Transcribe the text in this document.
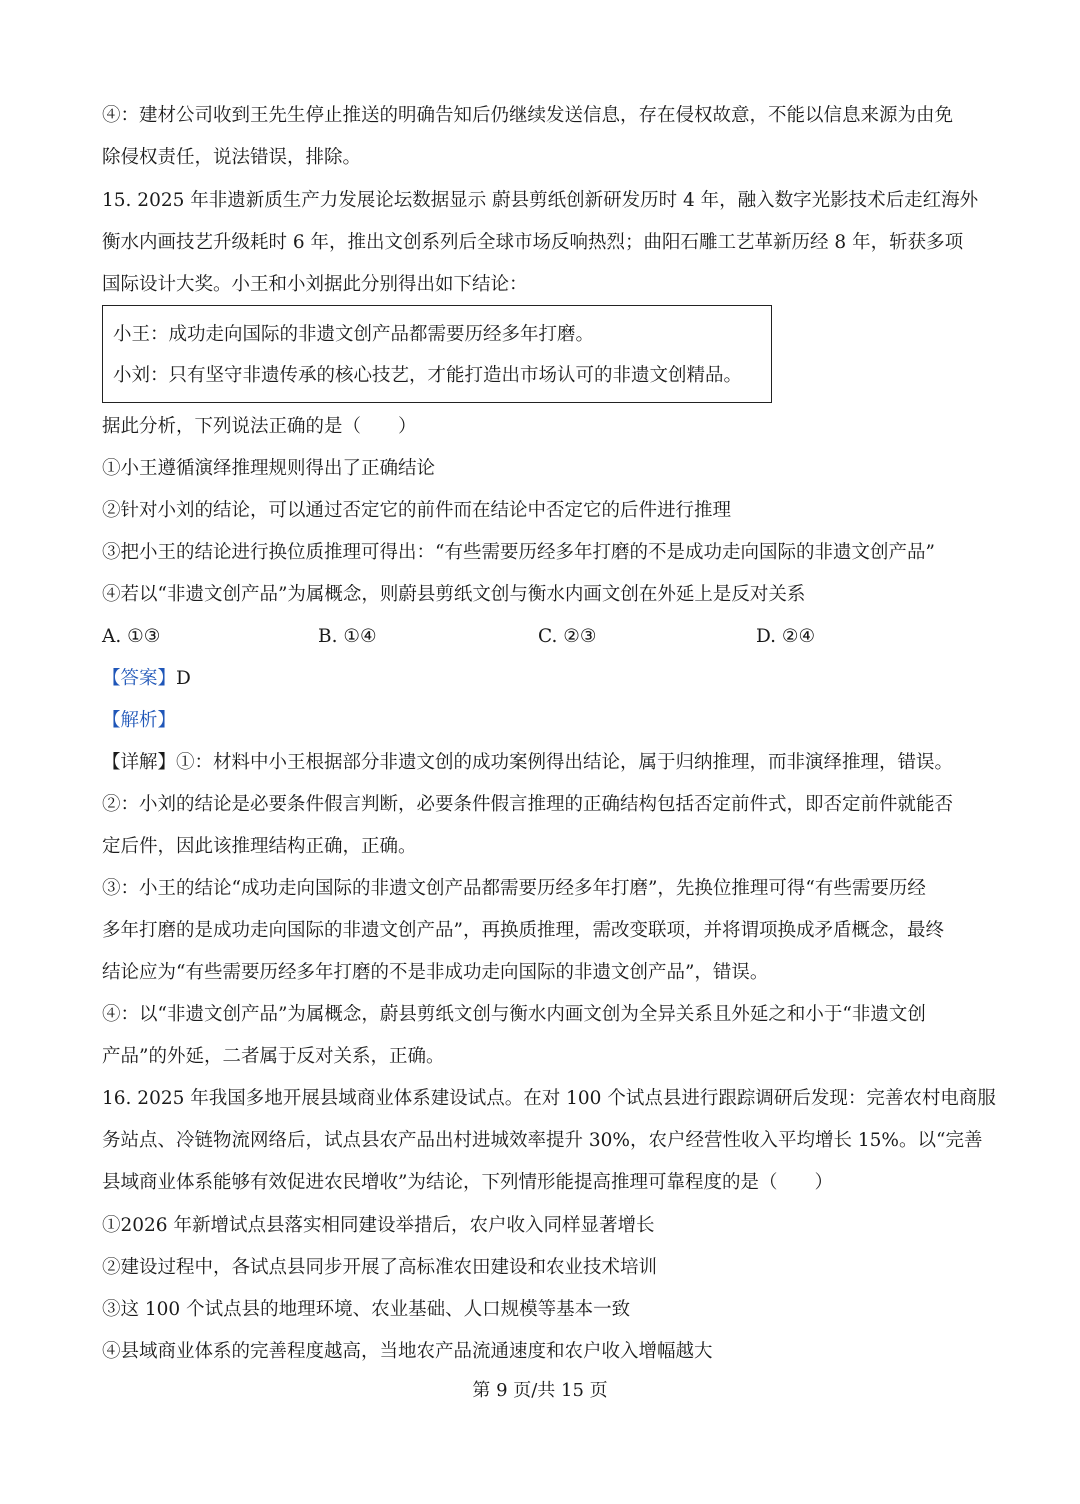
④：建材公司收到王先生停止推送的明确告知后仍继续发送信息，存在侵权故意，不能以信息来源为由免
除侵权责任，说法错误，排除。
15. 2025 年非遗新质生产力发展论坛数据显示 蔚县剪纸创新研发历时 4 年，融入数字光影技术后走红海外
衡水内画技艺升级耗时 6 年，推出文创系列后全球市场反响热烈；曲阳石雕工艺革新历经 8 年，斩获多项
国际设计大奖。小王和小刘据此分别得出如下结论：
小王：成功走向国际的非遗文创产品都需要历经多年打磨。
小刘：只有坚守非遗传承的核心技艺，才能打造出市场认可的非遗文创精品。
据此分析，下列说法正确的是（　　）
①小王遵循演绎推理规则得出了正确结论
②针对小刘的结论，可以通过否定它的前件而在结论中否定它的后件进行推理
③把小王的结论进行换位质推理可得出：“有些需要历经多年打磨的不是成功走向国际的非遗文创产品”
④若以“非遗文创产品”为属概念，则蔚县剪纸文创与衡水内画文创在外延上是反对关系
A. ①③	B. ①④	C. ②③	D. ②④
【答案】D
【解析】
【详解】①：材料中小王根据部分非遗文创的成功案例得出结论，属于归纳推理，而非演绎推理，错误。
②：小刘的结论是必要条件假言判断，必要条件假言推理的正确结构包括否定前件式，即否定前件就能否
定后件，因此该推理结构正确，正确。
③：小王的结论“成功走向国际的非遗文创产品都需要历经多年打磨”，先换位推理可得“有些需要历经
多年打磨的是成功走向国际的非遗文创产品”，再换质推理，需改变联项，并将谓项换成矛盾概念，最终
结论应为“有些需要历经多年打磨的不是非成功走向国际的非遗文创产品”，错误。
④：以“非遗文创产品”为属概念，蔚县剪纸文创与衡水内画文创为全异关系且外延之和小于“非遗文创
产品”的外延，二者属于反对关系，正确。
16. 2025 年我国多地开展县域商业体系建设试点。在对 100 个试点县进行跟踪调研后发现：完善农村电商服
务站点、冷链物流网络后，试点县农产品出村进城效率提升 30%，农户经营性收入平均增长 15%。以“完善
县域商业体系能够有效促进农民增收”为结论，下列情形能提高推理可靠程度的是（　　）
①2026 年新增试点县落实相同建设举措后，农户收入同样显著增长
②建设过程中，各试点县同步开展了高标准农田建设和农业技术培训
③这 100 个试点县的地理环境、农业基础、人口规模等基本一致
④县域商业体系的完善程度越高，当地农产品流通速度和农户收入增幅越大
第 9 页/共 15 页
